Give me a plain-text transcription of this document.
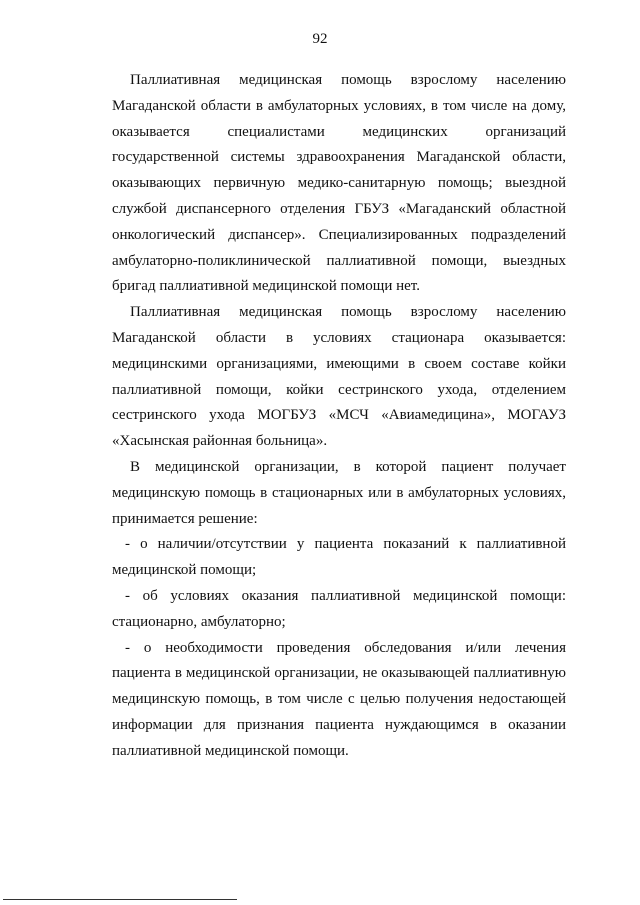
92

Паллиативная медицинская помощь взрослому населению Магаданской области в амбулаторных условиях, в том числе на дому, оказывается специалистами медицинских организаций государственной системы здравоохранения Магаданской области, оказывающих первичную медико-санитарную помощь; выездной службой диспансерного отделения ГБУЗ «Магаданский областной онкологический диспансер». Специализированных подразделений амбулаторно-поликлинической паллиативной помощи, выездных бригад паллиативной медицинской помощи нет.

Паллиативная медицинская помощь взрослому населению Магаданской области в условиях стационара оказывается: медицинскими организациями, имеющими в своем составе койки паллиативной помощи, койки сестринского ухода, отделением сестринского ухода МОГБУЗ «МСЧ «Авиамедицина», МОГАУЗ «Хасынская районная больница».

В медицинской организации, в которой пациент получает медицинскую помощь в стационарных или в амбулаторных условиях, принимается решение:

- о наличии/отсутствии у пациента показаний к паллиативной медицинской помощи;

- об условиях оказания паллиативной медицинской помощи: стационарно, амбулаторно;

- о необходимости проведения обследования и/или лечения пациента в медицинской организации, не оказывающей паллиативную медицинскую помощь, в том числе с целью получения недостающей информации для признания пациента нуждающимся в оказании паллиативной медицинской помощи.
